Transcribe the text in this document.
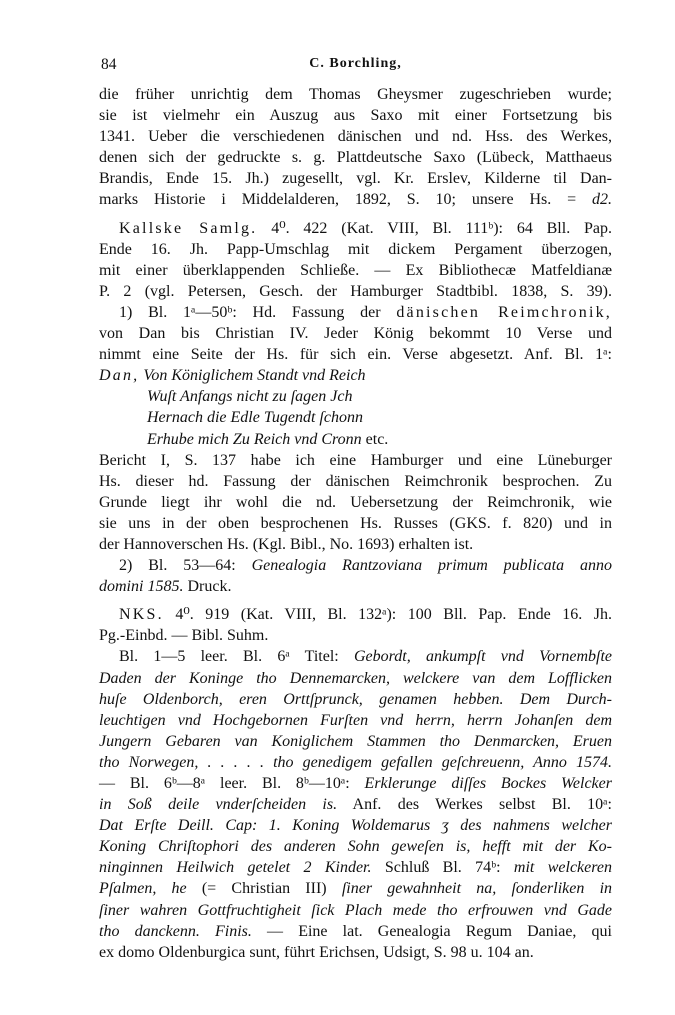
84	C. Borchling,
die früher unrichtig dem Thomas Gheysmer zugeschrieben wurde;
sie ist vielmehr ein Auszug aus Saxo mit einer Fortsetzung bis
1341. Ueber die verschiedenen dänischen und nd. Hss. des Werkes,
denen sich der gedruckte s. g. Plattdeutsche Saxo (Lübeck, Matthaeus
Brandis, Ende 15. Jh.) zugesellt, vgl. Kr. Erslev, Kilderne til Dan-
marks Historie i Middelalderen, 1892, S. 10; unsere Hs. = d2.
Kallske Samlg. 4⁰. 422 (Kat. VIII, Bl. 111ᵇ): 64 Bll. Pap.
Ende 16. Jh. Papp-Umschlag mit dickem Pergament überzogen,
mit einer überklappenden Schließe. — Ex Bibliothecæ Matfeldianæ
P. 2 (vgl. Petersen, Gesch. der Hamburger Stadtbibl. 1838, S. 39).
1) Bl. 1ᵃ—50ᵇ: Hd. Fassung der dänischen Reimchronik,
von Dan bis Christian IV. Jeder König bekommt 10 Verse und
nimmt eine Seite der Hs. für sich ein. Verse abgesetzt. Anf. Bl. 1ᵃ:
Dan, Von Königlichem Standt vnd Reich
Wuſt Anfangs nicht zu ſagen Jch
Hernach die Edle Tugendt ſchonn
Erhube mich Zu Reich vnd Cronn etc.
Bericht I, S. 137 habe ich eine Hamburger und eine Lüneburger
Hs. dieser hd. Fassung der dänischen Reimchronik besprochen. Zu
Grunde liegt ihr wohl die nd. Uebersetzung der Reimchronik, wie
sie uns in der oben besprochenen Hs. Russes (GKS. f. 820) und in
der Hannoverschen Hs. (Kgl. Bibl., No. 1693) erhalten ist.
2) Bl. 53—64: Genealogia Rantzoviana primum publicata anno
domini 1585. Druck.
NKS. 4⁰. 919 (Kat. VIII, Bl. 132ᵃ): 100 Bll. Pap. Ende 16. Jh.
Pg.-Einbd. — Bibl. Suhm.
Bl. 1—5 leer. Bl. 6ᵃ Titel: Gebordt, ankumpſt vnd Vornembſte
Daden der Koninge tho Dennemarcken, welckere van dem Lofflicken
huſe Oldenborch, eren Orttſprunck, genamen hebben. Dem Durch-
leuchtigen vnd Hochgebornen Furſten vnd herrn, herrn Johanſen dem
Jungern Gebaren van Koniglichem Stammen tho Denmarcken, Eruen
tho Norwegen, . . . . . tho genedigem gefallen geſchreuenn, Anno 1574.
— Bl. 6ᵇ—8ᵃ leer. Bl. 8ᵇ—10ᵃ: Erklerunge diſſes Bockes Welcker
in Soß deile vnderſcheiden is. Anf. des Werkes selbst Bl. 10ᵃ:
Dat Erſte Deill. Cap: 1. Koning Woldemarus ʒ des nahmens welcher
Koning Chriſtophori des anderen Sohn geweſen is, hefft mit der Ko-
ninginnen Heilwich getelet 2 Kinder. Schluß Bl. 74ᵇ: mit welckeren
Pſalmen, he (= Christian III) ſiner gewahnheit na, ſonderliken in
ſiner wahren Gottfruchtigheit ſick Plach mede tho erfrouwen vnd Gade
tho danckenn. Finis. — Eine lat. Genealogia Regum Daniae, qui
ex domo Oldenburgica sunt, führt Erichsen, Udsigt, S. 98 u. 104 an.
